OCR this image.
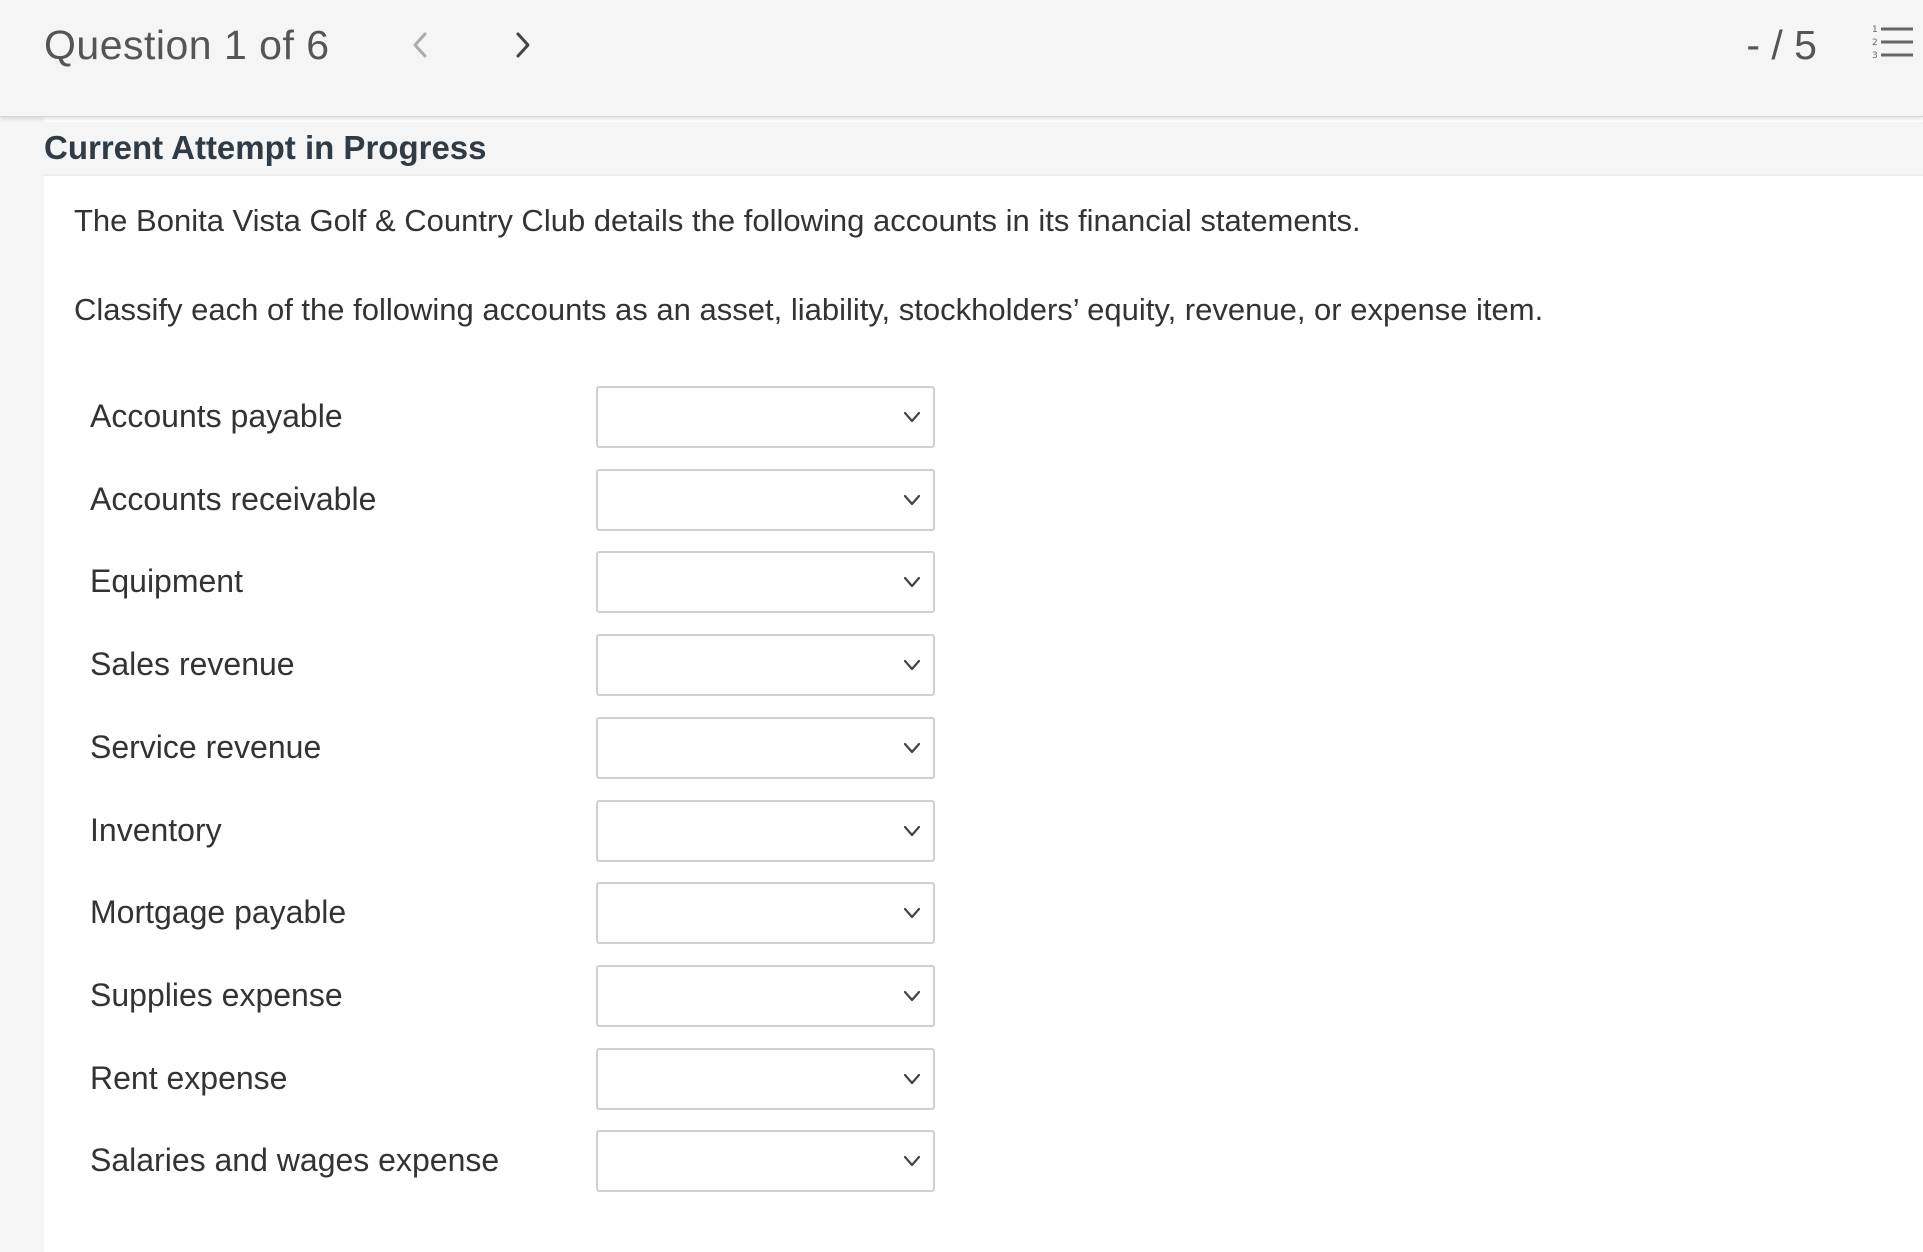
Question 1 of 6	- / 5	1
2
3
Current Attempt in Progress
The Bonita Vista Golf & Country Club details the following accounts in its financial statements.
Classify each of the following accounts as an asset, liability, stockholders’ equity, revenue, or expense item.
Accounts payable
Accounts receivable
Equipment
Sales revenue
Service revenue
Inventory
Mortgage payable
Supplies expense
Rent expense
Salaries and wages expense
